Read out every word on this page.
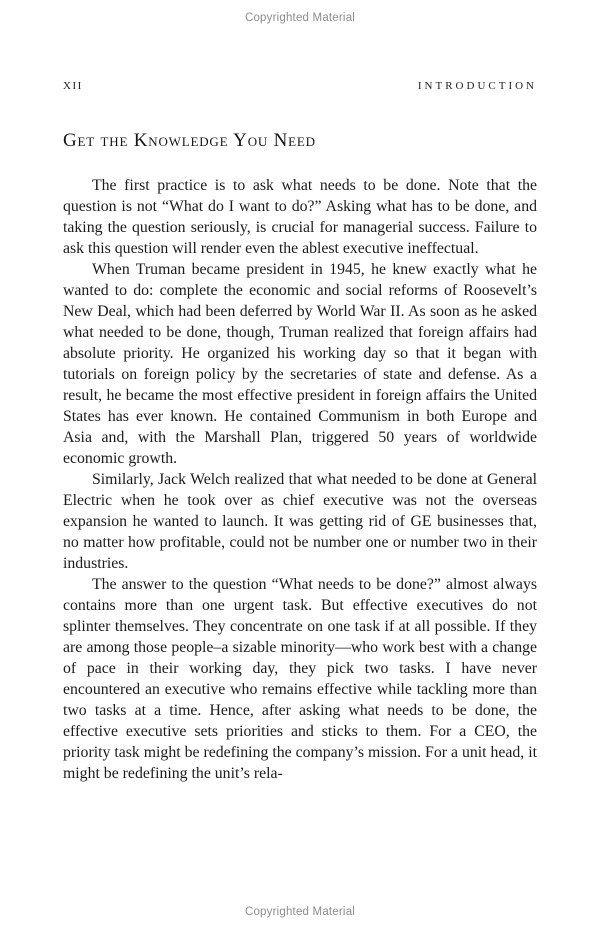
Copyrighted Material
XII	INTRODUCTION
Get the Knowledge You Need

The first practice is to ask what needs to be done. Note that the question is not “What do I want to do?” Asking what has to be done, and taking the question seriously, is crucial for managerial success. Failure to ask this question will render even the ablest executive ineffectual.

When Truman became president in 1945, he knew exactly what he wanted to do: complete the economic and social reforms of Roosevelt’s New Deal, which had been deferred by World War II. As soon as he asked what needed to be done, though, Truman realized that foreign affairs had absolute priority. He organized his working day so that it began with tutorials on foreign policy by the secretaries of state and defense. As a result, he became the most effective president in foreign affairs the United States has ever known. He contained Communism in both Europe and Asia and, with the Marshall Plan, triggered 50 years of worldwide economic growth.

Similarly, Jack Welch realized that what needed to be done at General Electric when he took over as chief executive was not the overseas expansion he wanted to launch. It was getting rid of GE businesses that, no matter how profitable, could not be number one or number two in their industries.

The answer to the question “What needs to be done?” almost always contains more than one urgent task. But effective executives do not splinter themselves. They concentrate on one task if at all possible. If they are among those people–a sizable minority—who work best with a change of pace in their working day, they pick two tasks. I have never encountered an executive who remains effective while tackling more than two tasks at a time. Hence, after asking what needs to be done, the effective executive sets priorities and sticks to them. For a CEO, the priority task might be redefining the company’s mission. For a unit head, it might be redefining the unit’s rela-

Copyrighted Material
